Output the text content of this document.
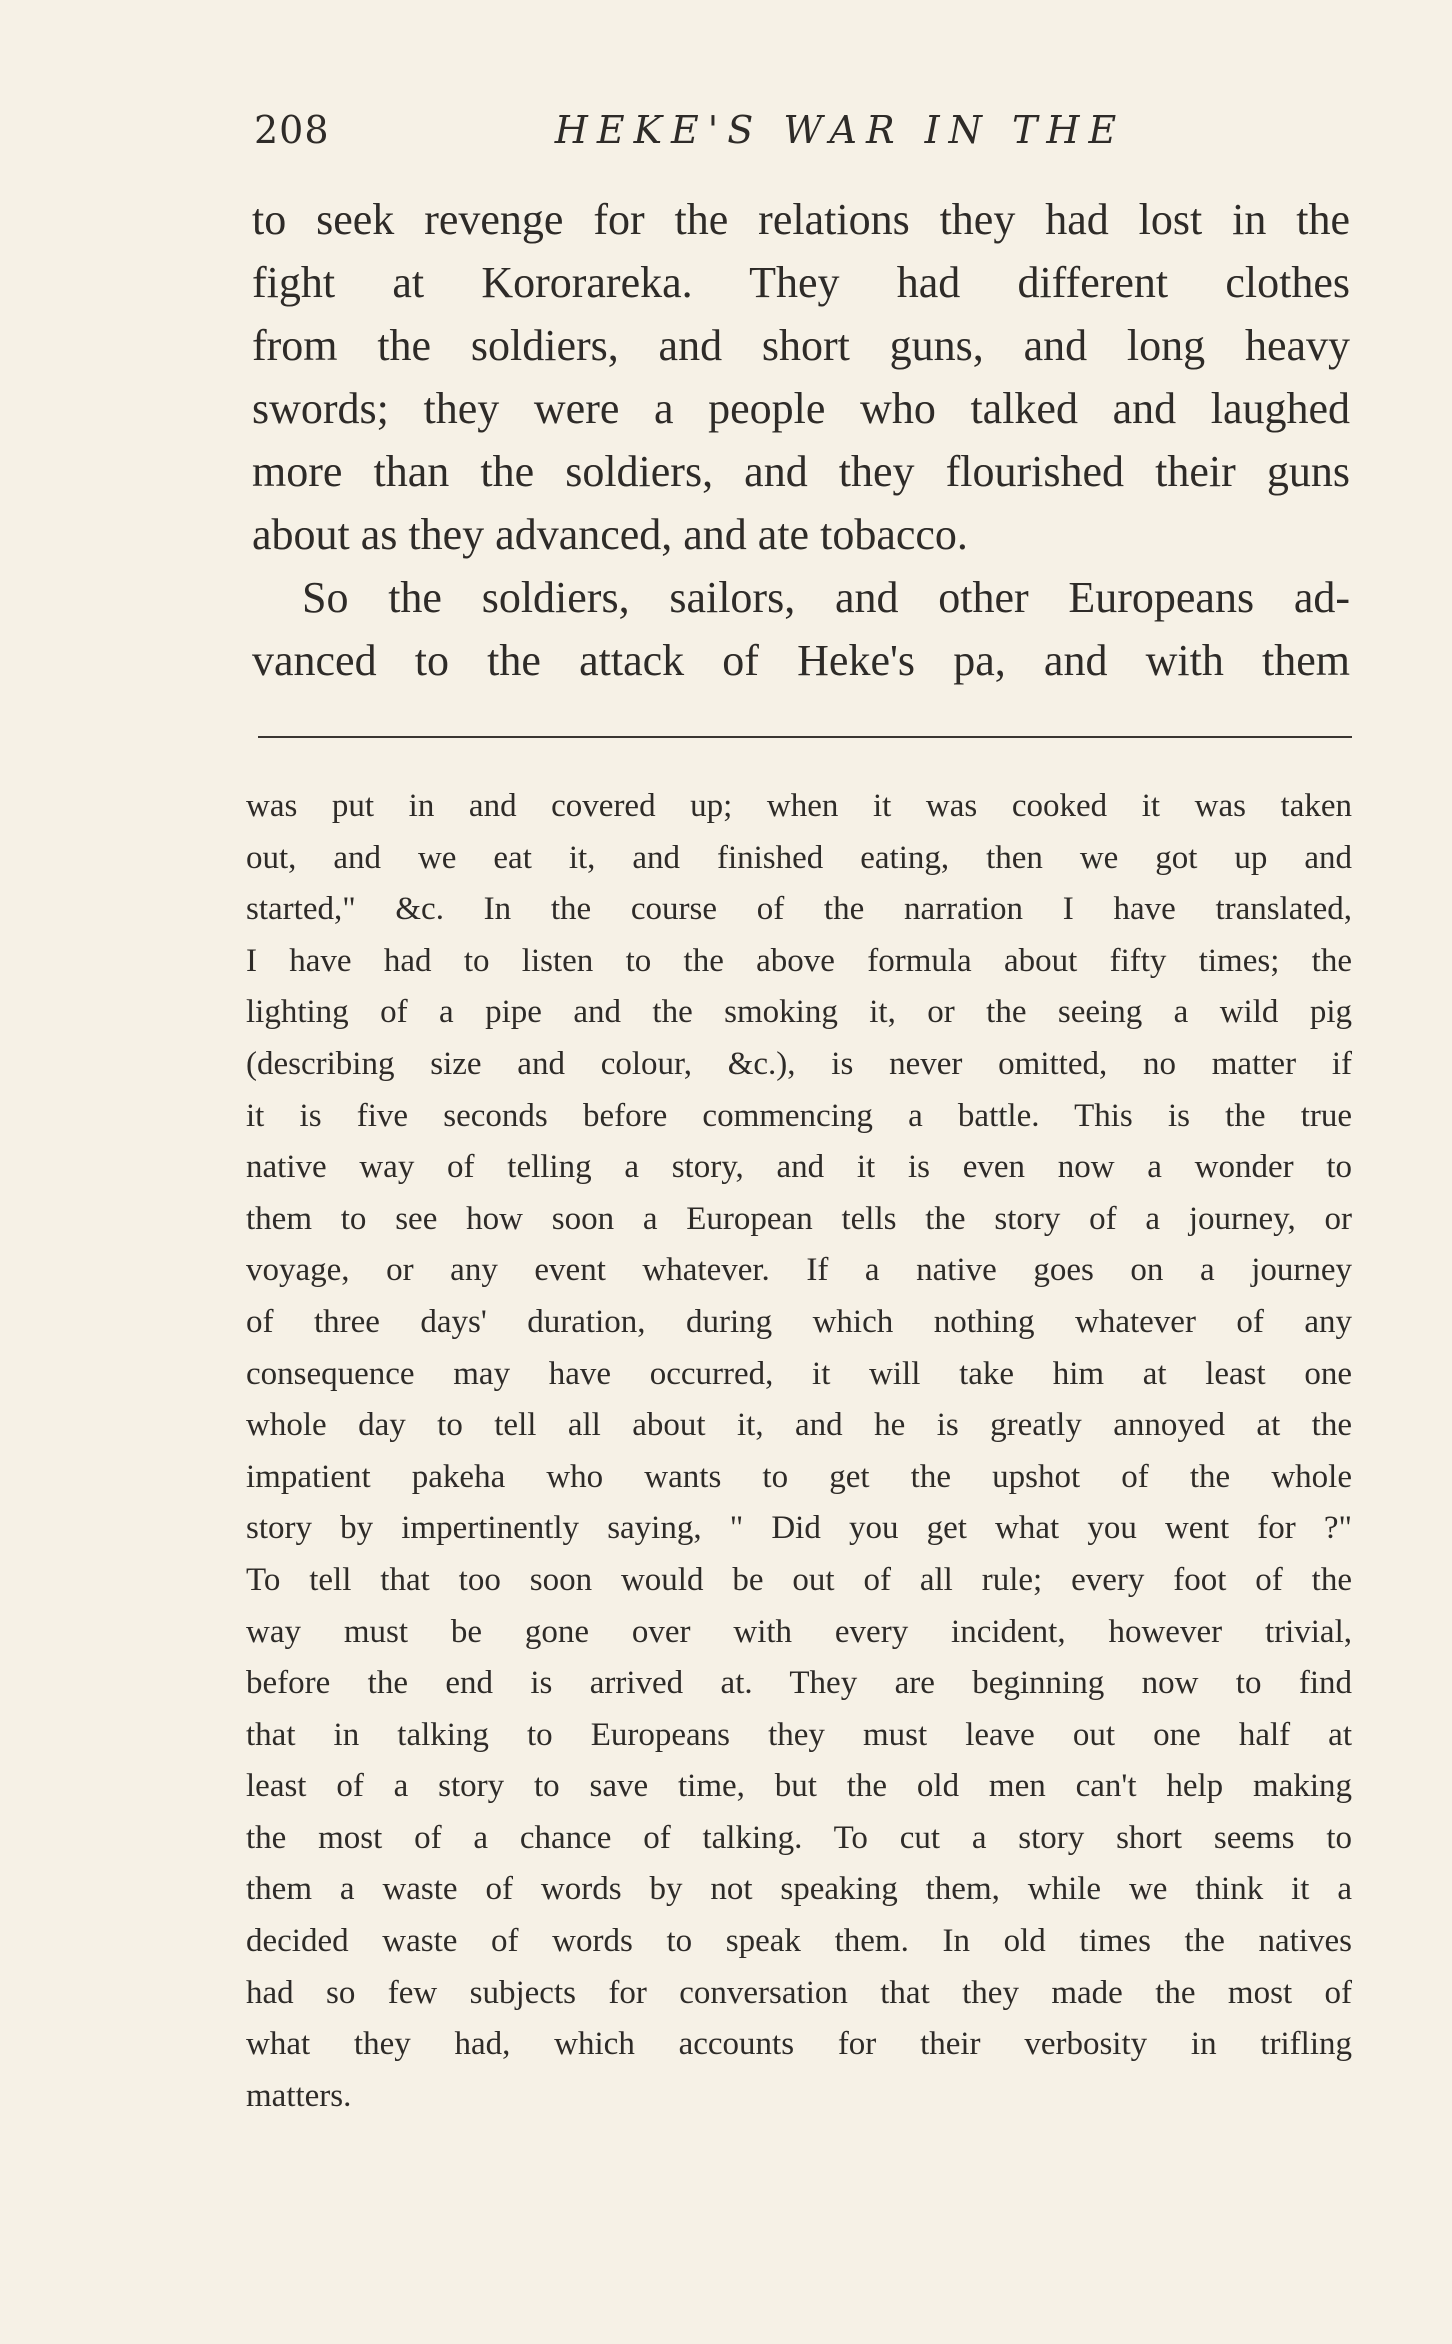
208	HEKE'S WAR IN THE
to seek revenge for the relations they had lost in the
fight at Kororareka. They had different clothes
from the soldiers, and short guns, and long heavy
swords; they were a people who talked and laughed
more than the soldiers, and they flourished their guns
about as they advanced, and ate tobacco.
So the soldiers, sailors, and other Europeans ad-
vanced to the attack of Heke's pa, and with them
was put in and covered up; when it was cooked it was taken
out, and we eat it, and finished eating, then we got up and
started," &c. In the course of the narration I have translated,
I have had to listen to the above formula about fifty times; the
lighting of a pipe and the smoking it, or the seeing a wild pig
(describing size and colour, &c.), is never omitted, no matter if
it is five seconds before commencing a battle. This is the true
native way of telling a story, and it is even now a wonder to
them to see how soon a European tells the story of a journey, or
voyage, or any event whatever. If a native goes on a journey
of three days' duration, during which nothing whatever of any
consequence may have occurred, it will take him at least one
whole day to tell all about it, and he is greatly annoyed at the
impatient pakeha who wants to get the upshot of the whole
story by impertinently saying, " Did you get what you went for ?"
To tell that too soon would be out of all rule; every foot of the
way must be gone over with every incident, however trivial,
before the end is arrived at. They are beginning now to find
that in talking to Europeans they must leave out one half at
least of a story to save time, but the old men can't help making
the most of a chance of talking. To cut a story short seems to
them a waste of words by not speaking them, while we think it a
decided waste of words to speak them. In old times the natives
had so few subjects for conversation that they made the most of
what they had, which accounts for their verbosity in trifling
matters.
